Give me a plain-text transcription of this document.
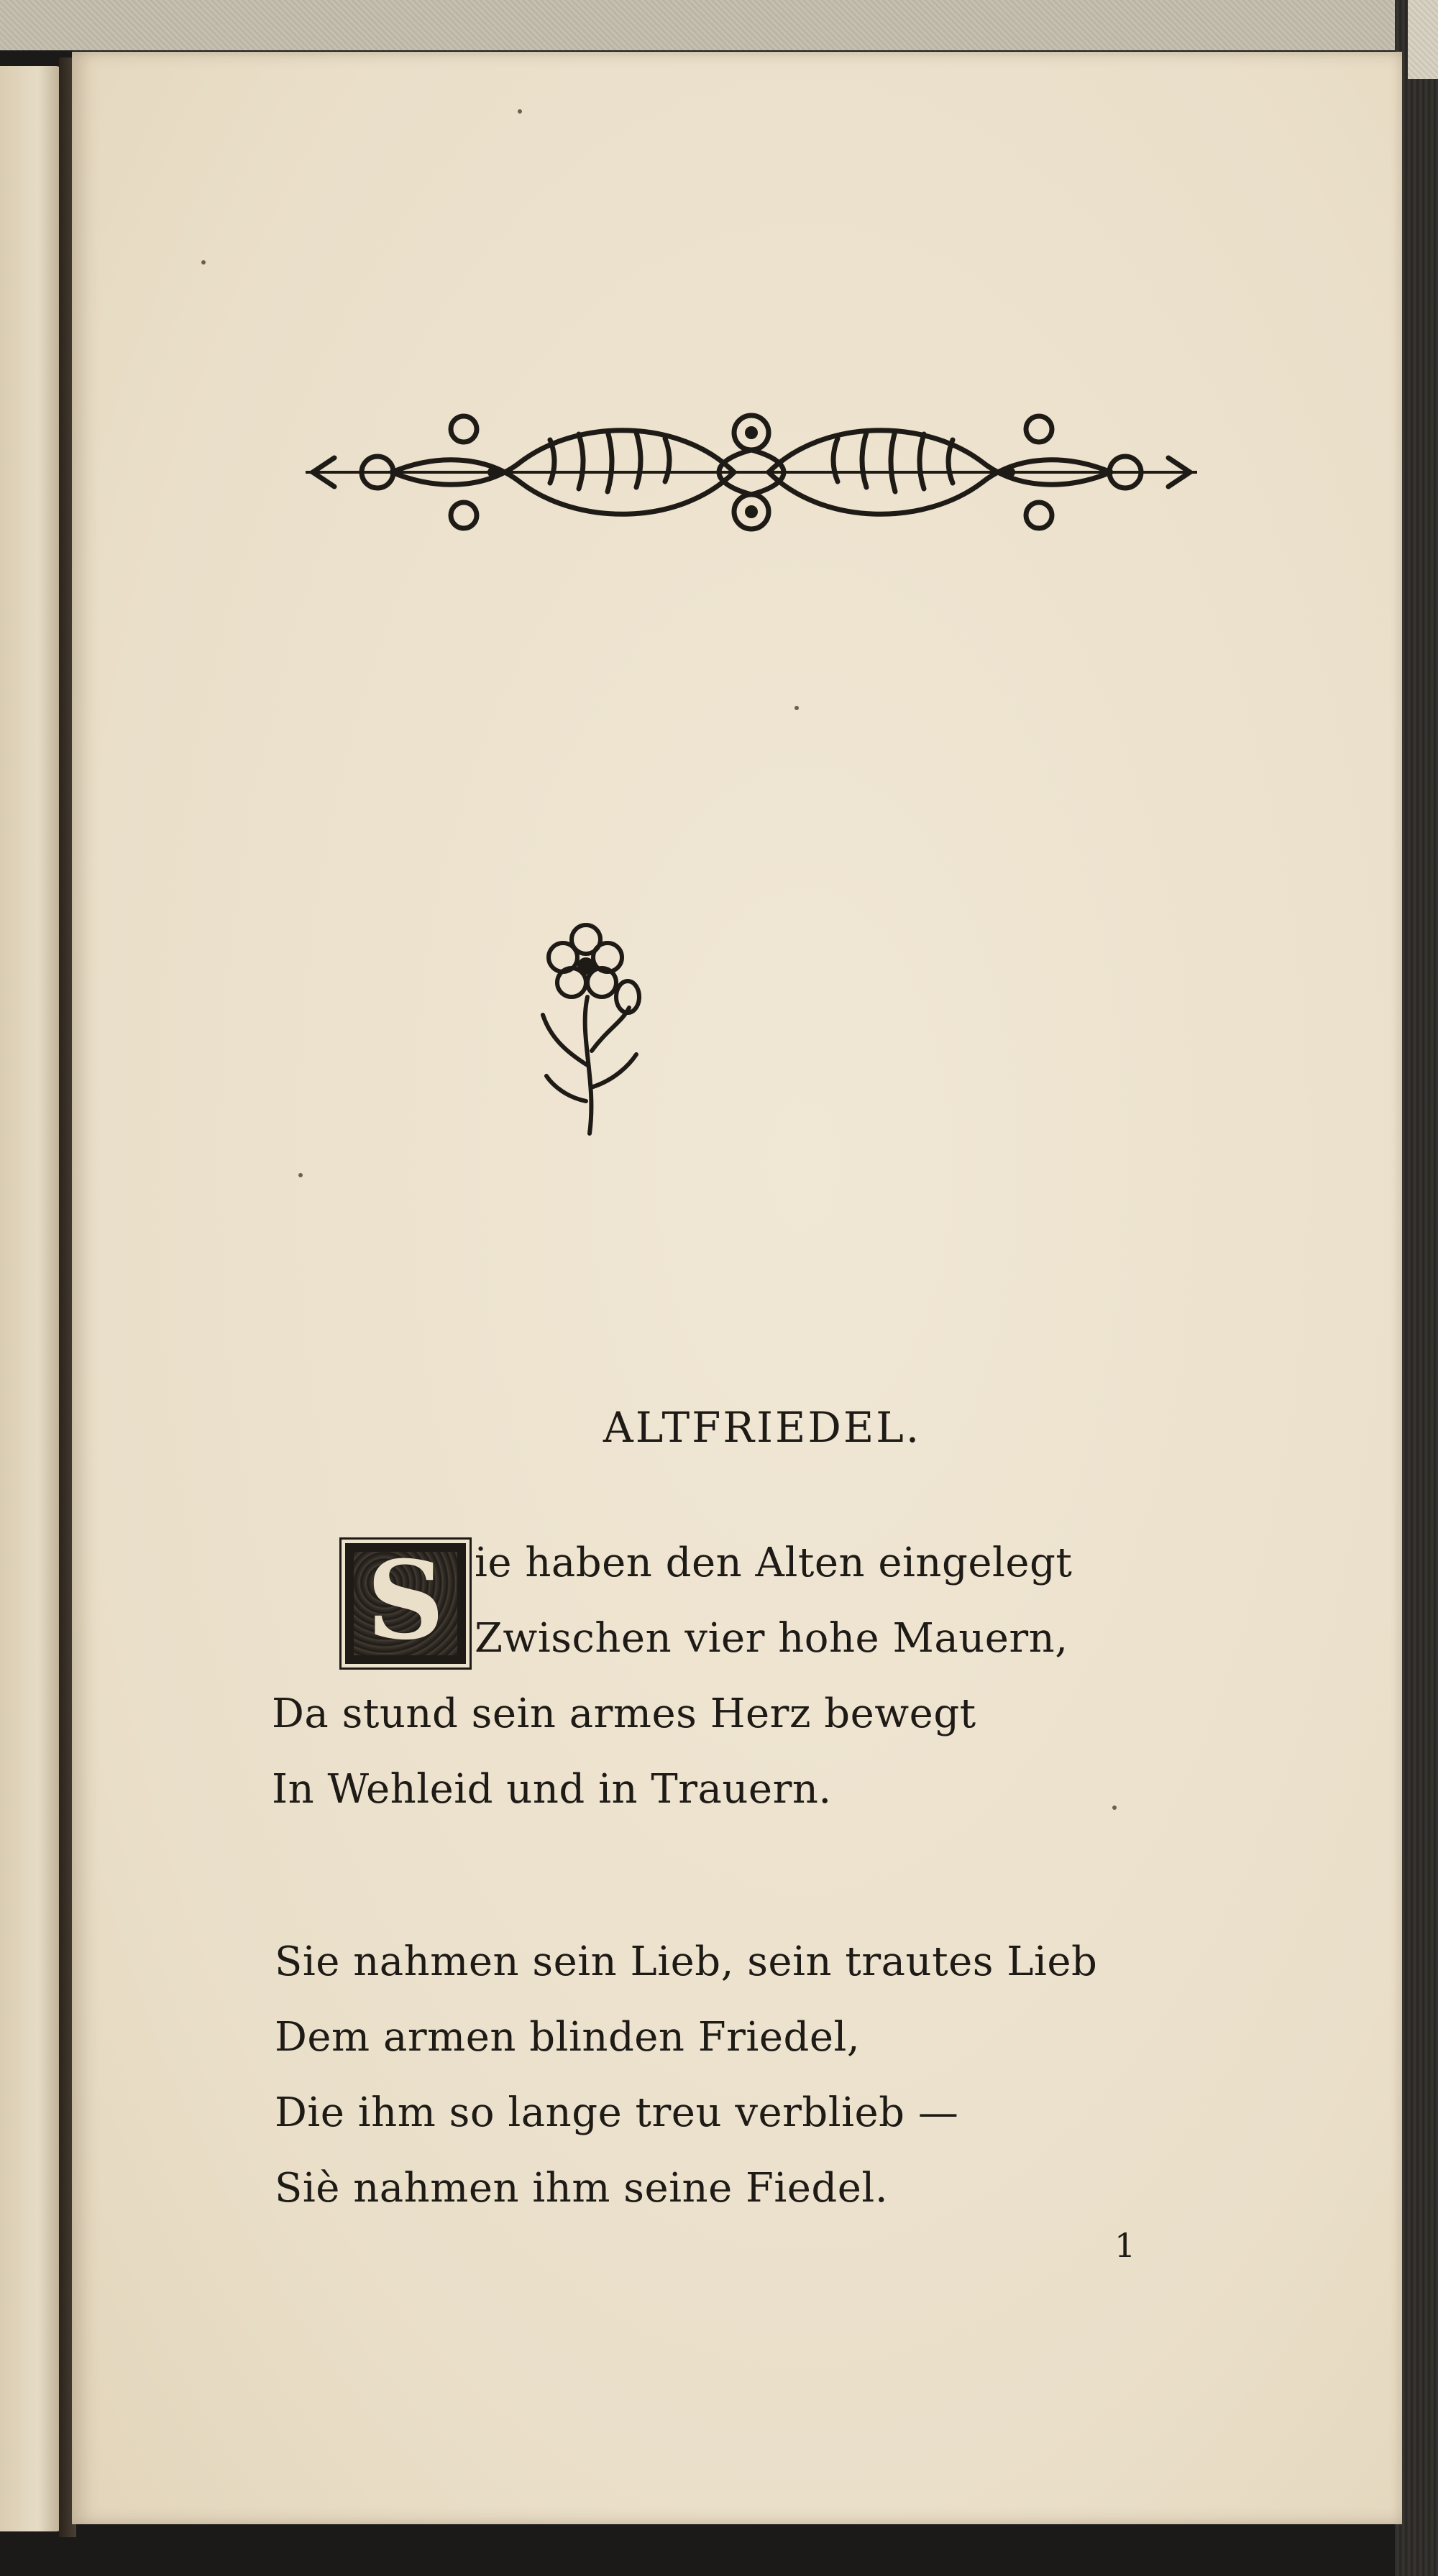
ALTFRIEDEL.
S ie haben den Alten eingelegt
Zwischen vier hohe Mauern,
Da stund sein armes Herz bewegt
In Wehleid und in Trauern.
Sie nahmen sein Lieb, sein trautes Lieb
Dem armen blinden Friedel,
Die ihm so lange treu verblieb —
Siè nahmen ihm seine Fiedel.
1
